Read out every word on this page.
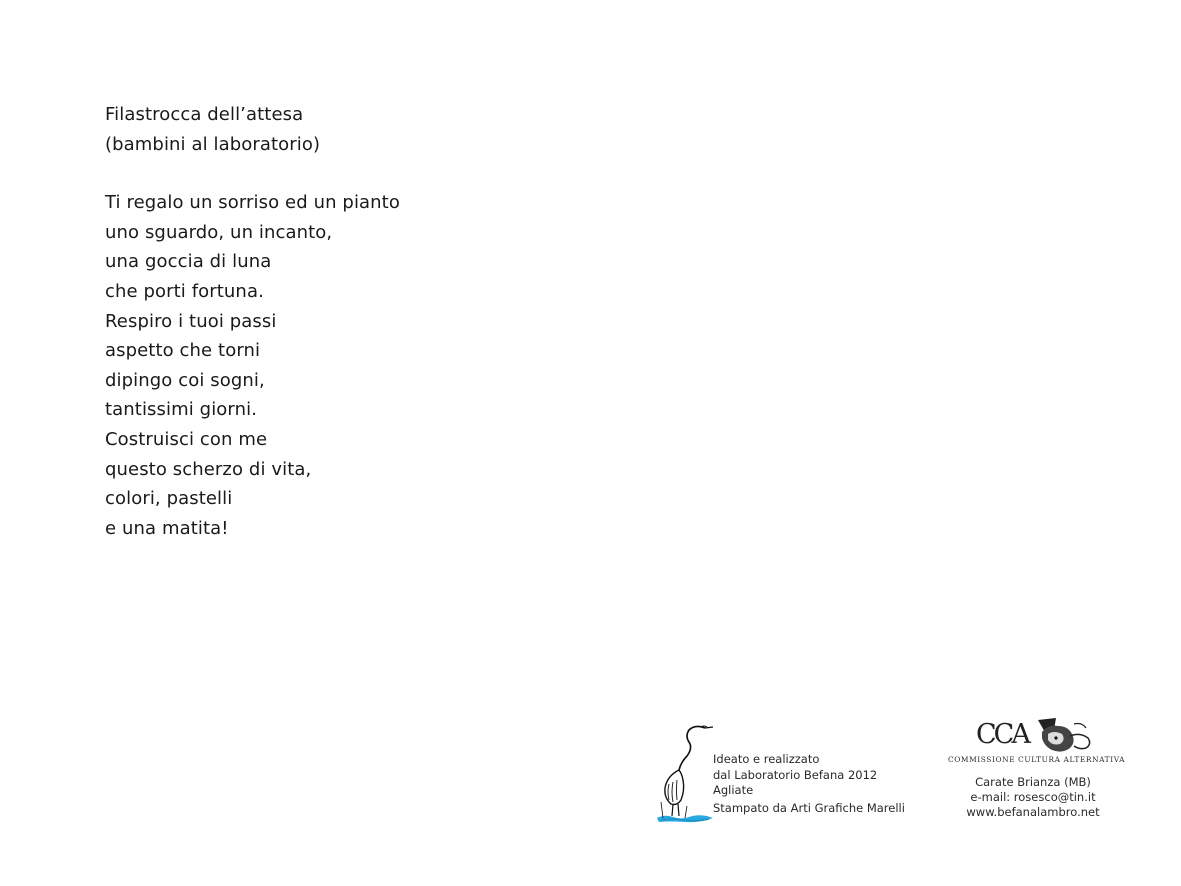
Filastrocca dell’attesa
(bambini al laboratorio)
Ti regalo un sorriso ed un pianto
uno sguardo, un incanto,
una goccia di luna
che porti fortuna.
Respiro i tuoi passi
aspetto che torni
dipingo coi sogni,
tantissimi giorni.
Costruisci con me
questo scherzo di vita,
colori, pastelli
e una matita!
Ideato e realizzato
dal Laboratorio Befana 2012
Agliate
Stampato da Arti Grafiche Marelli
CCA
COMMISSIONE CULTURA ALTERNATIVA
Carate Brianza (MB)
e-mail: rosesco@tin.it
www.befanalambro.net
